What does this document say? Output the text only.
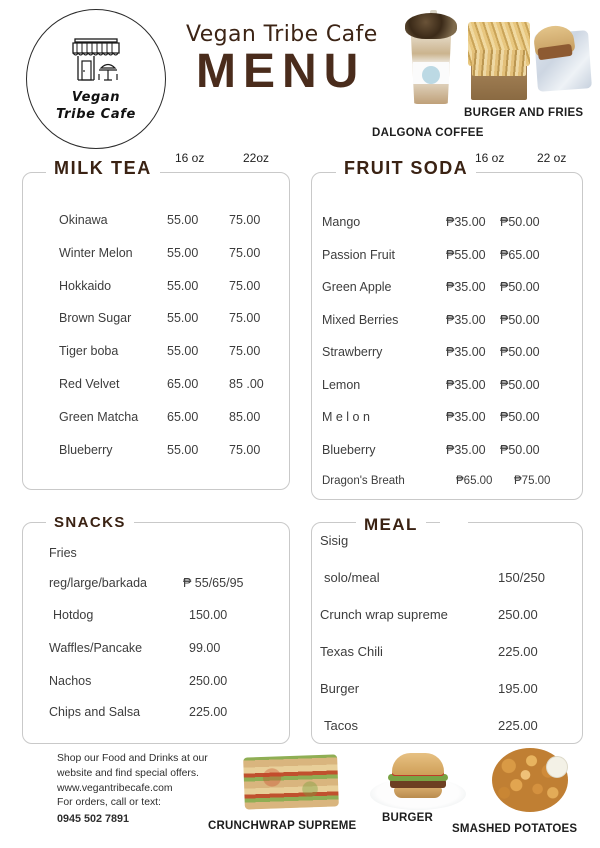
Vegan
Tribe Cafe
Vegan Tribe Cafe
MENU
DALGONA COFFEE
BURGER AND FRIES
Okinawa	55.00 75.00
Winter Melon	55.00 75.00
Hokkaido	55.00 75.00
Brown Sugar	55.00 75.00
Tiger boba	55.00 75.00
Red Velvet	65.00 85 .00
Green Matcha 65.00 85.00
Blueberry	55.00 75.00
MILK TEA	16 oz	22oz
Mango	₱35.00 ₱50.00
Passion Fruit	₱55.00 ₱65.00
Green Apple	₱35.00 ₱50.00
Mixed Berries	₱35.00 ₱50.00
Strawberry	₱35.00 ₱50.00
Lemon	₱35.00 ₱50.00
M e l o n	₱35.00 ₱50.00
Blueberry	₱35.00 ₱50.00
Dragon's Breath	₱65.00 ₱75.00
FRUIT SODA 16 oz	22 oz
Fries
reg/large/barkada	₱ 55/65/95
Hotdog	150.00
Waffles/Pancake	99.00
Nachos	250.00
Chips and Salsa	225.00
SNACKS
Sisig
solo/meal	150/250
Crunch wrap supreme	250.00
Texas Chili	225.00
Burger	195.00
Tacos	225.00
MEAL
Shop our Food and Drinks at our
website and find special offers.
www.vegantribecafe.com
For orders, call or text:
0945 502 7891
CRUNCHWRAP SUPREME
BURGER
SMASHED POTATOES
